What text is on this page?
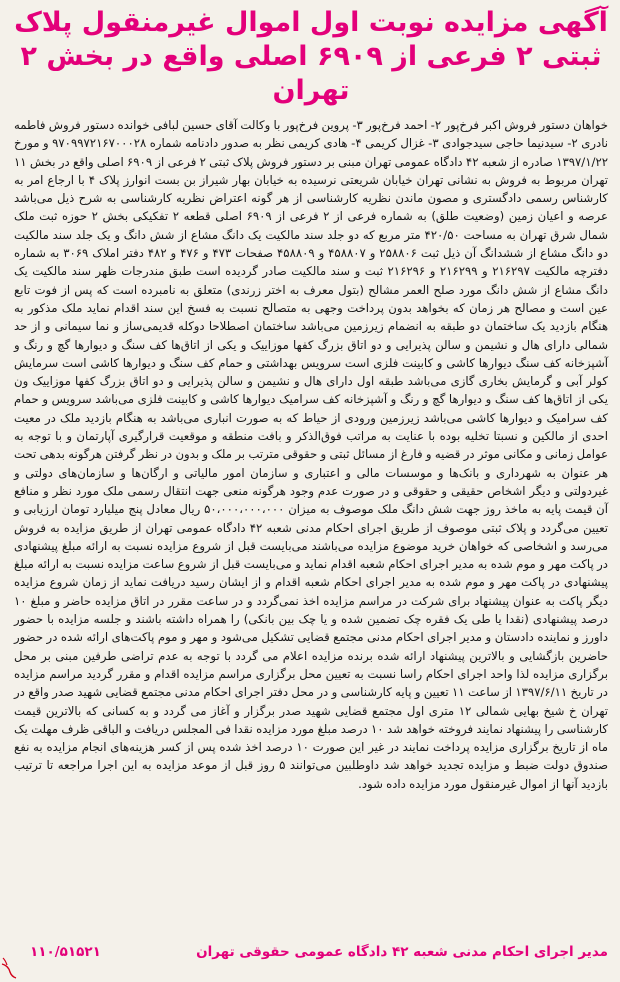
آگهی مزایده نوبت اول اموال غیرمنقول پلاک ثبتی ۲ فرعی از ۶۹۰۹ اصلی واقع در بخش ۲ تهران
خواهان دستور فروش اکبر فرخ‌پور ۲- احمد فرخ‌پور ۳- پروین فرخ‌پور با وکالت آقای حسین لبافی خوانده دستور فروش فاطمه نادری ۲- سیدنیما حاجی سیدجوادی ۳- غزال کریمی ۴- هادی کریمی نظر به صدور دادنامه شماره ۹۷۰۹۹۷۲۱۶۷۰۰۰۲۸ و مورخ ۱۳۹۷/۱/۲۲ صادره از شعبه ۴۲ دادگاه عمومی تهران مبنی بر دستور فروش پلاک ثبتی ۲ فرعی از ۶۹۰۹ اصلی واقع در بخش ۱۱ تهران مربوط به فروش به نشانی تهران خیابان شریعتی نرسیده به خیابان بهار شیراز بن بست انوارز پلاک ۴ با ارجاع امر به کارشناس رسمی دادگستری و مصون ماندن نظریه کارشناسی از هر گونه اعتراض نظریه کارشناسی به شرح ذیل می‌باشد عرصه و اعیان زمین (وضعیت طلق) به شماره فرعی از ۲ فرعی از ۶۹۰۹ اصلی قطعه ۲ تفکیکی بخش ۲ حوزه ثبت ملک شمال شرق تهران به مساحت ۴۲۰/۵۰ متر مربع که دو جلد سند مالکیت یک دانگ مشاع از شش دانگ و یک جلد سند مالکیت دو دانگ مشاع از ششدانگ آن ذیل ثبت ۲۵۸۸۰۶ و ۴۵۸۸۰۷ و ۴۵۸۸۰۹ صفحات ۴۷۳ و ۴۷۶ و ۴۸۲ دفتر املاک ۳۰۶۹ به شماره دفترچه مالکیت ۲۱۶۲۹۷ و ۲۱۶۲۹۹ و ۲۱۶۲۹۶ ثبت و سند مالکیت صادر گردیده است طبق مندرجات ظهر سند مالکیت یک دانگ مشاع از شش دانگ مورد صلح العمر مشالح (بتول معرف به اختر زرندی) متعلق به نامبرده است که پس از فوت تابع عین است و مصالح هر زمان که بخواهد بدون پرداخت وجهی به متصالح نسبت به فسخ این سند اقدام نماید ملک مذکور به هنگام بازدید یک ساختمان دو طبقه به انضمام زیرزمین می‌باشد ساختمان اصطلاحا دوکله قدیمی‌ساز و نما سیمانی و از حد شمالی دارای هال و نشیمن و سالن پذیرایی و دو اتاق بزرگ کفها موزاییک و یکی از اتاق‌ها کف سنگ و دیوارها گچ و رنگ و آشپزخانه کف سنگ دیوارها کاشی و کابینت فلزی است سرویس بهداشتی و حمام کف سنگ و دیوارها کاشی است سرمایش کولر آبی و گرمایش بخاری گازی می‌باشد طبقه اول دارای هال و نشیمن و سالن پذیرایی و دو اتاق بزرگ کفها موزاییک ون یکی از اتاق‌ها کف سنگ و دیوارها گچ و رنگ و آشپزخانه کف سرامیک دیوارها کاشی و کابینت فلزی می‌باشد سرویس و حمام کف سرامیک و دیوارها کاشی می‌باشد زیرزمین ورودی از حیاط که به صورت انباری می‌باشد به هنگام بازدید ملک در معیت احدی از مالکین و نسبتا تخلیه بوده با عنایت به مراتب فوق‌الذکر و بافت منطقه و موقعیت قرارگیری آپارتمان و با توجه به عوامل زمانی و مکانی موثر در قضیه و فارغ از مسائل ثبتی و حقوقی مترتب بر ملک و بدون در نظر گرفتن هرگونه بدهی تحت هر عنوان به شهرداری و بانک‌ها و موسسات مالی و اعتباری و سازمان امور مالیاتی و ارگان‌ها و سازمان‌های دولتی و غیردولتی و دیگر اشخاص حقیقی و حقوقی و در صورت عدم وجود هرگونه منعی جهت انتقال رسمی ملک مورد نظر و منافع آن قیمت پایه به ماخذ روز جهت شش دانگ ملک موصوف به میزان ۵۰،۰۰۰،۰۰۰،۰۰۰ ریال معادل پنج میلیارد تومان ارزیابی و تعیین می‌گردد و پلاک ثبتی موصوف از طریق اجرای احکام مدنی شعبه ۴۲ دادگاه عمومی تهران از طریق مزایده به فروش می‌رسد و اشخاصی که خواهان خرید موضوع مزایده می‌باشند می‌بایست قبل از شروع مزایده نسبت به ارائه مبلغ پیشنهادی در پاکت مهر و موم شده به مدیر اجرای احکام شعبه اقدام نماید و می‌بایست قبل از شروع ساعت مزایده نسبت به ارائه مبلغ پیشنهادی در پاکت مهر و موم شده به مدیر اجرای احکام شعبه اقدام و از ایشان رسید دریافت نماید از زمان شروع مزایده دیگر پاکت به عنوان پیشنهاد برای شرکت در مراسم مزایده اخذ نمی‌گردد و در ساعت مقرر در اتاق مزایده حاضر و مبلغ ۱۰ درصد پیشنهادی (نقدا یا طی یک فقره چک تضمین شده و یا چک بین بانکی) را همراه داشته باشند و جلسه مزایده با حضور داورز و نماینده دادستان و مدیر اجرای احکام مدنی مجتمع قضایی تشکیل می‌شود و مهر و موم پاکت‌های ارائه شده در حضور حاضرین بازگشایی و بالاترین پیشنهاد ارائه شده برنده مزایده اعلام می گردد با توجه به عدم تراضی طرفین مبنی بر محل برگزاری مزایده لذا واحد اجرای احکام راسا نسبت به تعیین محل برگزاری مراسم مزایده اقدام و مقرر گردید مراسم مزایده در تاریخ ۱۳۹۷/۶/۱۱ از ساعت ۱۱ تعیین و پایه کارشناسی و در محل دفتر اجرای احکام مدنی مجتمع قضایی شهید صدر واقع در تهران خ شیخ بهایی شمالی ۱۲ متری اول مجتمع قضایی شهید صدر برگزار و آغاز می گردد و به کسانی که بالاترین قیمت کارشناسی را پیشنهاد نمایند فروخته خواهد شد ۱۰ درصد مبلغ مورد مزایده نقدا فی المجلس دریافت و الباقی ظرف مهلت یک ماه از تاریخ برگزاری مزایده پرداخت نمایند در غیر این صورت ۱۰ درصد اخذ شده پس از کسر هزینه‌های انجام مزایده به نفع صندوق دولت ضبط و مزایده تجدید خواهد شد داوطلبین می‌توانند ۵ روز قبل از موعد مزایده به این اجرا مراجعه تا ترتیب بازدید آنها از اموال غیرمنقول مورد مزایده داده شود.
۱۱۰/۵۱۵۲۱	مدیر اجرای احکام مدنی شعبه ۴۲ دادگاه عمومی حقوقی تهران
